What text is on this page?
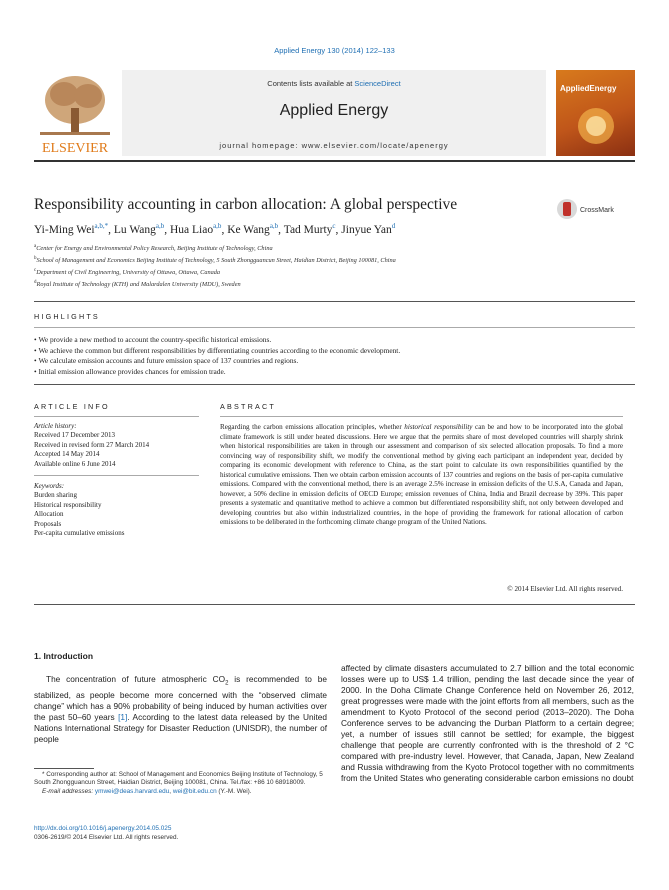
Applied Energy 130 (2014) 122–133
ELSEVIER
Contents lists available at ScienceDirect
Applied Energy
journal homepage: www.elsevier.com/locate/apenergy
AppliedEnergy
Responsibility accounting in carbon allocation: A global perspective	CrossMark
Yi-Ming Wei$^{a,b,*}$, Lu Wang$^{a,b}$, Hua Liao$^{a,b}$, Ke Wang$^{a,b}$, Tad Murty$^c$, Jinyue Yan$^d$
$^a$Center for Energy and Environmental Policy Research, Beijing Institute of Technology, China
$^b$School of Management and Economics Beijing Institute of Technology, 5 South Zhongguancun Street, Haidian District, Beijing 100081, China
$^c$Department of Civil Engineering, University of Ottawa, Ottawa, Canada
$^d$Royal Institute of Technology (KTH) and Malardalen University (MDU), Sweden
HIGHLIGHTS
• We provide a new method to account the country-specific historical emissions.
• We achieve the common but different responsibilities by differentiating countries according to the economic development.
• We calculate emission accounts and future emission space of 137 countries and regions.
• Initial emission allowance provides chances for emission trade.
ARTICLE INFO
Article history:
Received 17 December 2013
Received in revised form 27 March 2014
Accepted 14 May 2014
Available online 6 June 2014
Keywords:
Burden sharing
Historical responsibility
Allocation
Proposals
Per-capita cumulative emissions
ABSTRACT
Regarding the carbon emissions allocation principles, whether historical responsibility can be and how to be incorporated into the global climate framework is still under heated discussions. Here we argue that the permits share of most developed countries will sharply shrink when historical responsibilities are taken in through our assessment and comparison of six selected allocation proposals. To find a more convincing way of responsibility shift, we modify the conventional method by giving each participant an independent year, decided by comparing its economic development with reference to China, as the start point to calculate its own responsibilities quantified by the historical cumulative emissions. Then we obtain carbon emission accounts of 137 countries and regions on the basis of per-capita cumulative emissions. Compared with the conventional method, there is an average 2.5% increase in emission deficits of the U.S.A, Canada and Japan, however, a 50% decline in emission deficits of OECD Europe; emission revenues of China, India and Brazil decrease by 39%. This paper presents a systematic and quantitative method to achieve a common but differentiated responsibility shift, not only between developed and developing countries but also within industrialized countries, in the hope of providing the framework for rational allocation of carbon emissions to be deliberated in the forthcoming climate change program of the United Nations.
© 2014 Elsevier Ltd. All rights reserved.
1. Introduction
The concentration of future atmospheric $CO_2$ is recommended to be stabilized, as people become more concerned with the “observed climate change” which has a 90% probability of being induced by human activities over the past 50–60 years [1]. According to the latest data released by the United Nations International Strategy for Disaster Reduction (UNISDR), the number of people
affected by climate disasters accumulated to 2.7 billion and the total economic losses were up to US$ 1.4 trillion, pending the last decade since the year of 2000. In the Doha Climate Change Conference held on November 26, 2012, great progresses were made with the joint efforts from all members, such as the amendment to Kyoto Protocol of the second period (2013–2020). The Doha Conference serves to be advancing the Durban Platform to a certain degree; yet, a number of issues still cannot be settled; for example, the biggest challenge that people are currently confronted with is the threshold of 2 °C compared with pre-industry level. However, that Canada, Japan, New Zealand and Russia withdrawing from the Kyoto Protocol together with no commitments from the United States who generating considerable carbon emissions no doubt
* Corresponding author at: School of Management and Economics Beijing Institute of Technology, 5 South Zhongguancun Street, Haidian District, Beijing 100081, China. Tel./fax: +86 10 68918009.
E-mail addresses: ymwei@deas.harvard.edu, wei@bit.edu.cn (Y.-M. Wei).
http://dx.doi.org/10.1016/j.apenergy.2014.05.025
0306-2619/© 2014 Elsevier Ltd. All rights reserved.
